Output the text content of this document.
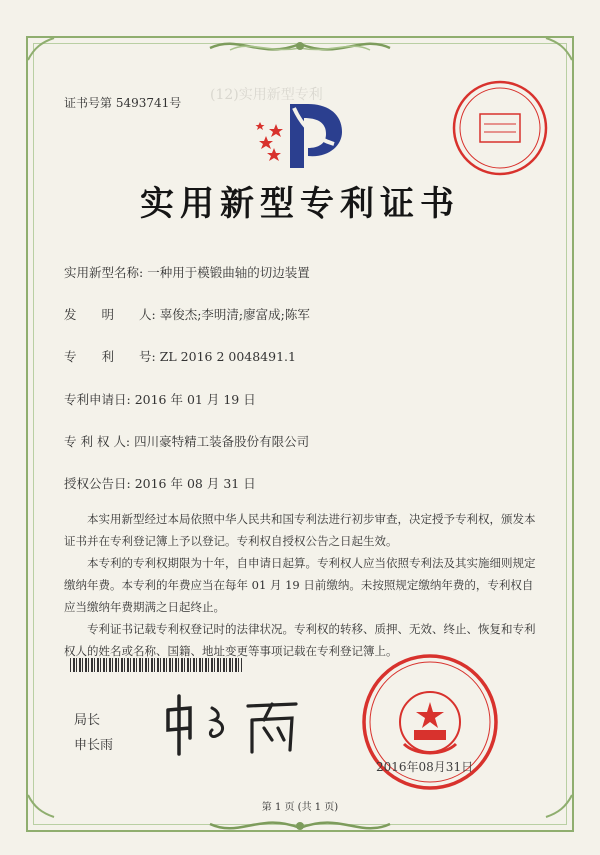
(12)实用新型专利
证书号第 5493741号
实用新型专利证书
实用新型名称: 一种用于模锻曲轴的切边装置
发　　明　　人: 辜俊杰;李明清;廖富成;陈军
专　　利　　号: ZL 2016 2 0048491.1
专利申请日: 2016 年 01 月 19 日
专 利 权 人: 四川豪特精工装备股份有限公司
授权公告日: 2016 年 08 月 31 日
本实用新型经过本局依照中华人民共和国专利法进行初步审查，决定授予专利权，颁发本证书并在专利登记簿上予以登记。专利权自授权公告之日起生效。
本专利的专利权期限为十年，自申请日起算。专利权人应当依照专利法及其实施细则规定缴纳年费。本专利的年费应当在每年 01 月 19 日前缴纳。未按照规定缴纳年费的，专利权自应当缴纳年费期满之日起终止。
专利证书记载专利权登记时的法律状况。专利权的转移、质押、无效、终止、恢复和专利权人的姓名或名称、国籍、地址变更等事项记载在专利登记簿上。
局长
申长雨
2016年08月31日
第 1 页 (共 1 页)
